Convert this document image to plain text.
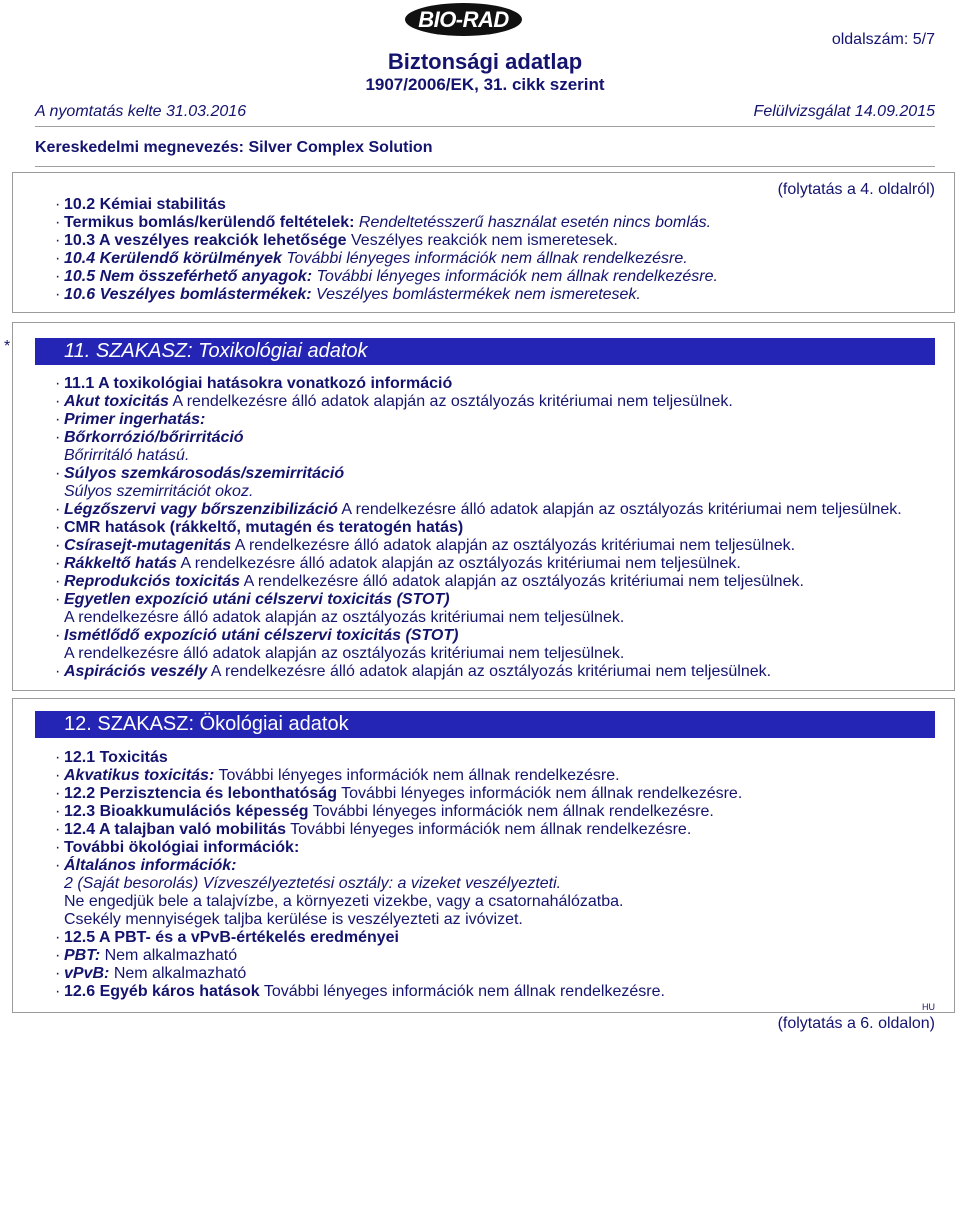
BIO-RAD
oldalszám: 5/7
Biztonsági adatlap
1907/2006/EK, 31. cikk szerint
A nyomtatás kelte 31.03.2016	Felülvizsgálat 14.09.2015
Kereskedelmi megnevezés: Silver Complex Solution
(folytatás a 4. oldalról)
· 10.2 Kémiai stabilitás
· Termikus bomlás/kerülendő feltételek: Rendeltetésszerű használat esetén nincs bomlás.
· 10.3 A veszélyes reakciók lehetősége Veszélyes reakciók nem ismeretesek.
· 10.4 Kerülendő körülmények További lényeges információk nem állnak rendelkezésre.
· 10.5 Nem összeférhető anyagok: További lényeges információk nem állnak rendelkezésre.
· 10.6 Veszélyes bomlástermékek: Veszélyes bomlástermékek nem ismeretesek.
*	11. SZAKASZ: Toxikológiai adatok
· 11.1 A toxikológiai hatásokra vonatkozó információ
· Akut toxicitás A rendelkezésre álló adatok alapján az osztályozás kritériumai nem teljesülnek.
· Primer ingerhatás:
· Bőrkorrózió/bőrirritáció
Bőrirritáló hatású.
· Súlyos szemkárosodás/szemirritáció
Súlyos szemirritációt okoz.
· Légzőszervi vagy bőrszenzibilizáció A rendelkezésre álló adatok alapján az osztályozás kritériumai nem teljesülnek.
· CMR hatások (rákkeltő, mutagén és teratogén hatás)
· Csírasejt-mutagenitás A rendelkezésre álló adatok alapján az osztályozás kritériumai nem teljesülnek.
· Rákkeltő hatás A rendelkezésre álló adatok alapján az osztályozás kritériumai nem teljesülnek.
· Reprodukciós toxicitás A rendelkezésre álló adatok alapján az osztályozás kritériumai nem teljesülnek.
· Egyetlen expozíció utáni célszervi toxicitás (STOT)
A rendelkezésre álló adatok alapján az osztályozás kritériumai nem teljesülnek.
· Ismétlődő expozíció utáni célszervi toxicitás (STOT)
A rendelkezésre álló adatok alapján az osztályozás kritériumai nem teljesülnek.
· Aspirációs veszély A rendelkezésre álló adatok alapján az osztályozás kritériumai nem teljesülnek.
12. SZAKASZ: Ökológiai adatok
· 12.1 Toxicitás
· Akvatikus toxicitás: További lényeges információk nem állnak rendelkezésre.
· 12.2 Perzisztencia és lebonthatóság További lényeges információk nem állnak rendelkezésre.
· 12.3 Bioakkumulációs képesség További lényeges információk nem állnak rendelkezésre.
· 12.4 A talajban való mobilitás További lényeges információk nem állnak rendelkezésre.
· További ökológiai információk:
· Általános információk:
2 (Saját besorolás) Vízveszélyeztetési osztály: a vizeket veszélyezteti.
Ne engedjük bele a talajvízbe, a környezeti vizekbe, vagy a csatornahálózatba.
Csekély mennyiségek taljba kerülése is veszélyezteti az ivóvizet.
· 12.5 A PBT- és a vPvB-értékelés eredményei
· PBT: Nem alkalmazható
· vPvB: Nem alkalmazható
· 12.6 Egyéb káros hatások További lényeges információk nem állnak rendelkezésre.
HU
(folytatás a 6. oldalon)
